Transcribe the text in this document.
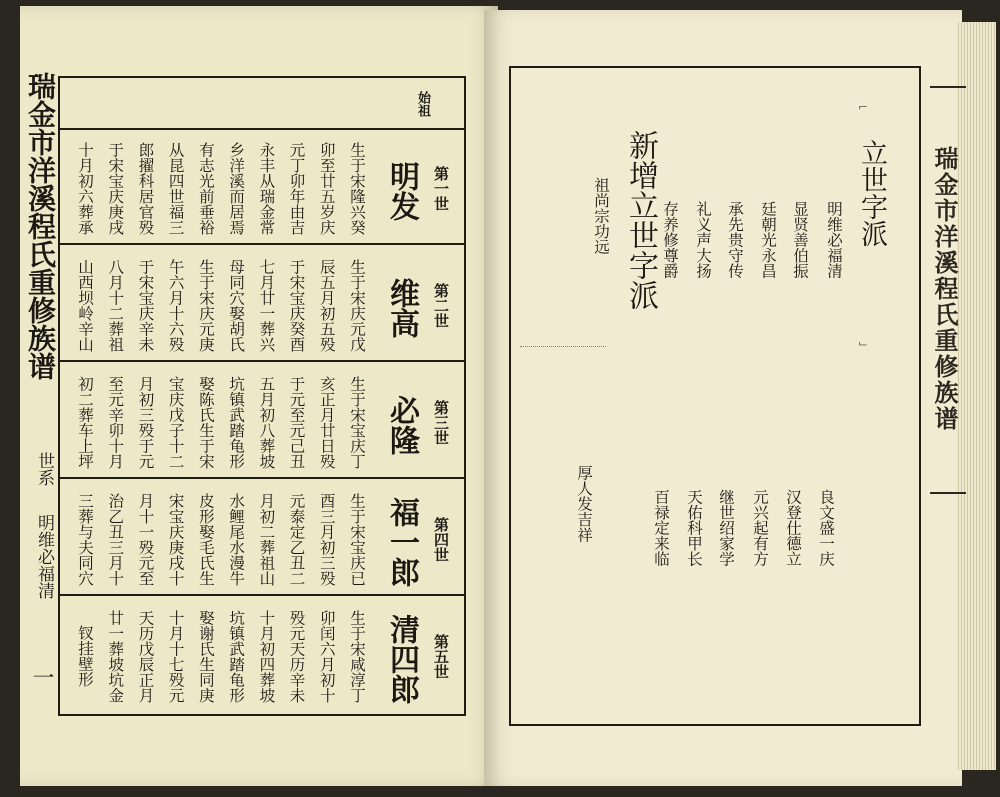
瑞金市洋溪程氏重修族谱
瑞金市洋溪程氏重修族谱
世系
明维必福清
一
始祖
第一世
明发
生于宋隆兴癸
卯至廿五岁庆
元丁卯年由吉
永丰从瑞金常
乡洋溪而居焉
有志光前垂裕
从昆四世福三
郎擢科居官殁
于宋宝庆庚戌
十月初六葬承
第二世
维高
生于宋庆元戊
辰五月初五殁
于宋宝庆癸酉
七月廿一葬兴
母同穴娶胡氏
生于宋庆元庚
午六月十六殁
于宋宝庆辛未
八月十二葬祖
山西坝岭辛山
第三世
必隆
生于宋宝庆丁
亥正月廿日殁
于元至元己丑
五月初八葬坡
坑镇武踏龟形
娶陈氏生于宋
宝庆戊子十二
月初三殁于元
至元辛卯十月
初二葬车上坪
第四世
福一郎
生于宋宝庆已
酉三月初三殁
元泰定乙丑二
月初二葬祖山
水鲤尾水漫牛
皮形娶毛氏生
宋宝庆庚戌十
月十一殁元至
治乙丑三月十
三葬与夫同穴
第五世
清四郎
生于宋咸淳丁
卯闰六月初十
殁元天历辛未
十月初四葬坡
坑镇武踏龟形
娶谢氏生同庚
十月十七殁元
天历戊辰正月
廿一葬坡坑金
钗挂壁形
立世字派
新增立世字派
⌐
⌙
明维必福清
显贤善伯振
廷朝光永昌
承先贵守传
礼义声大扬
存养修尊爵
良文盛一庆
汉登仕德立
元兴起有方
继世绍家学
天佑科甲长
百禄定来临
祖尚宗功远
厚人发吉祥
